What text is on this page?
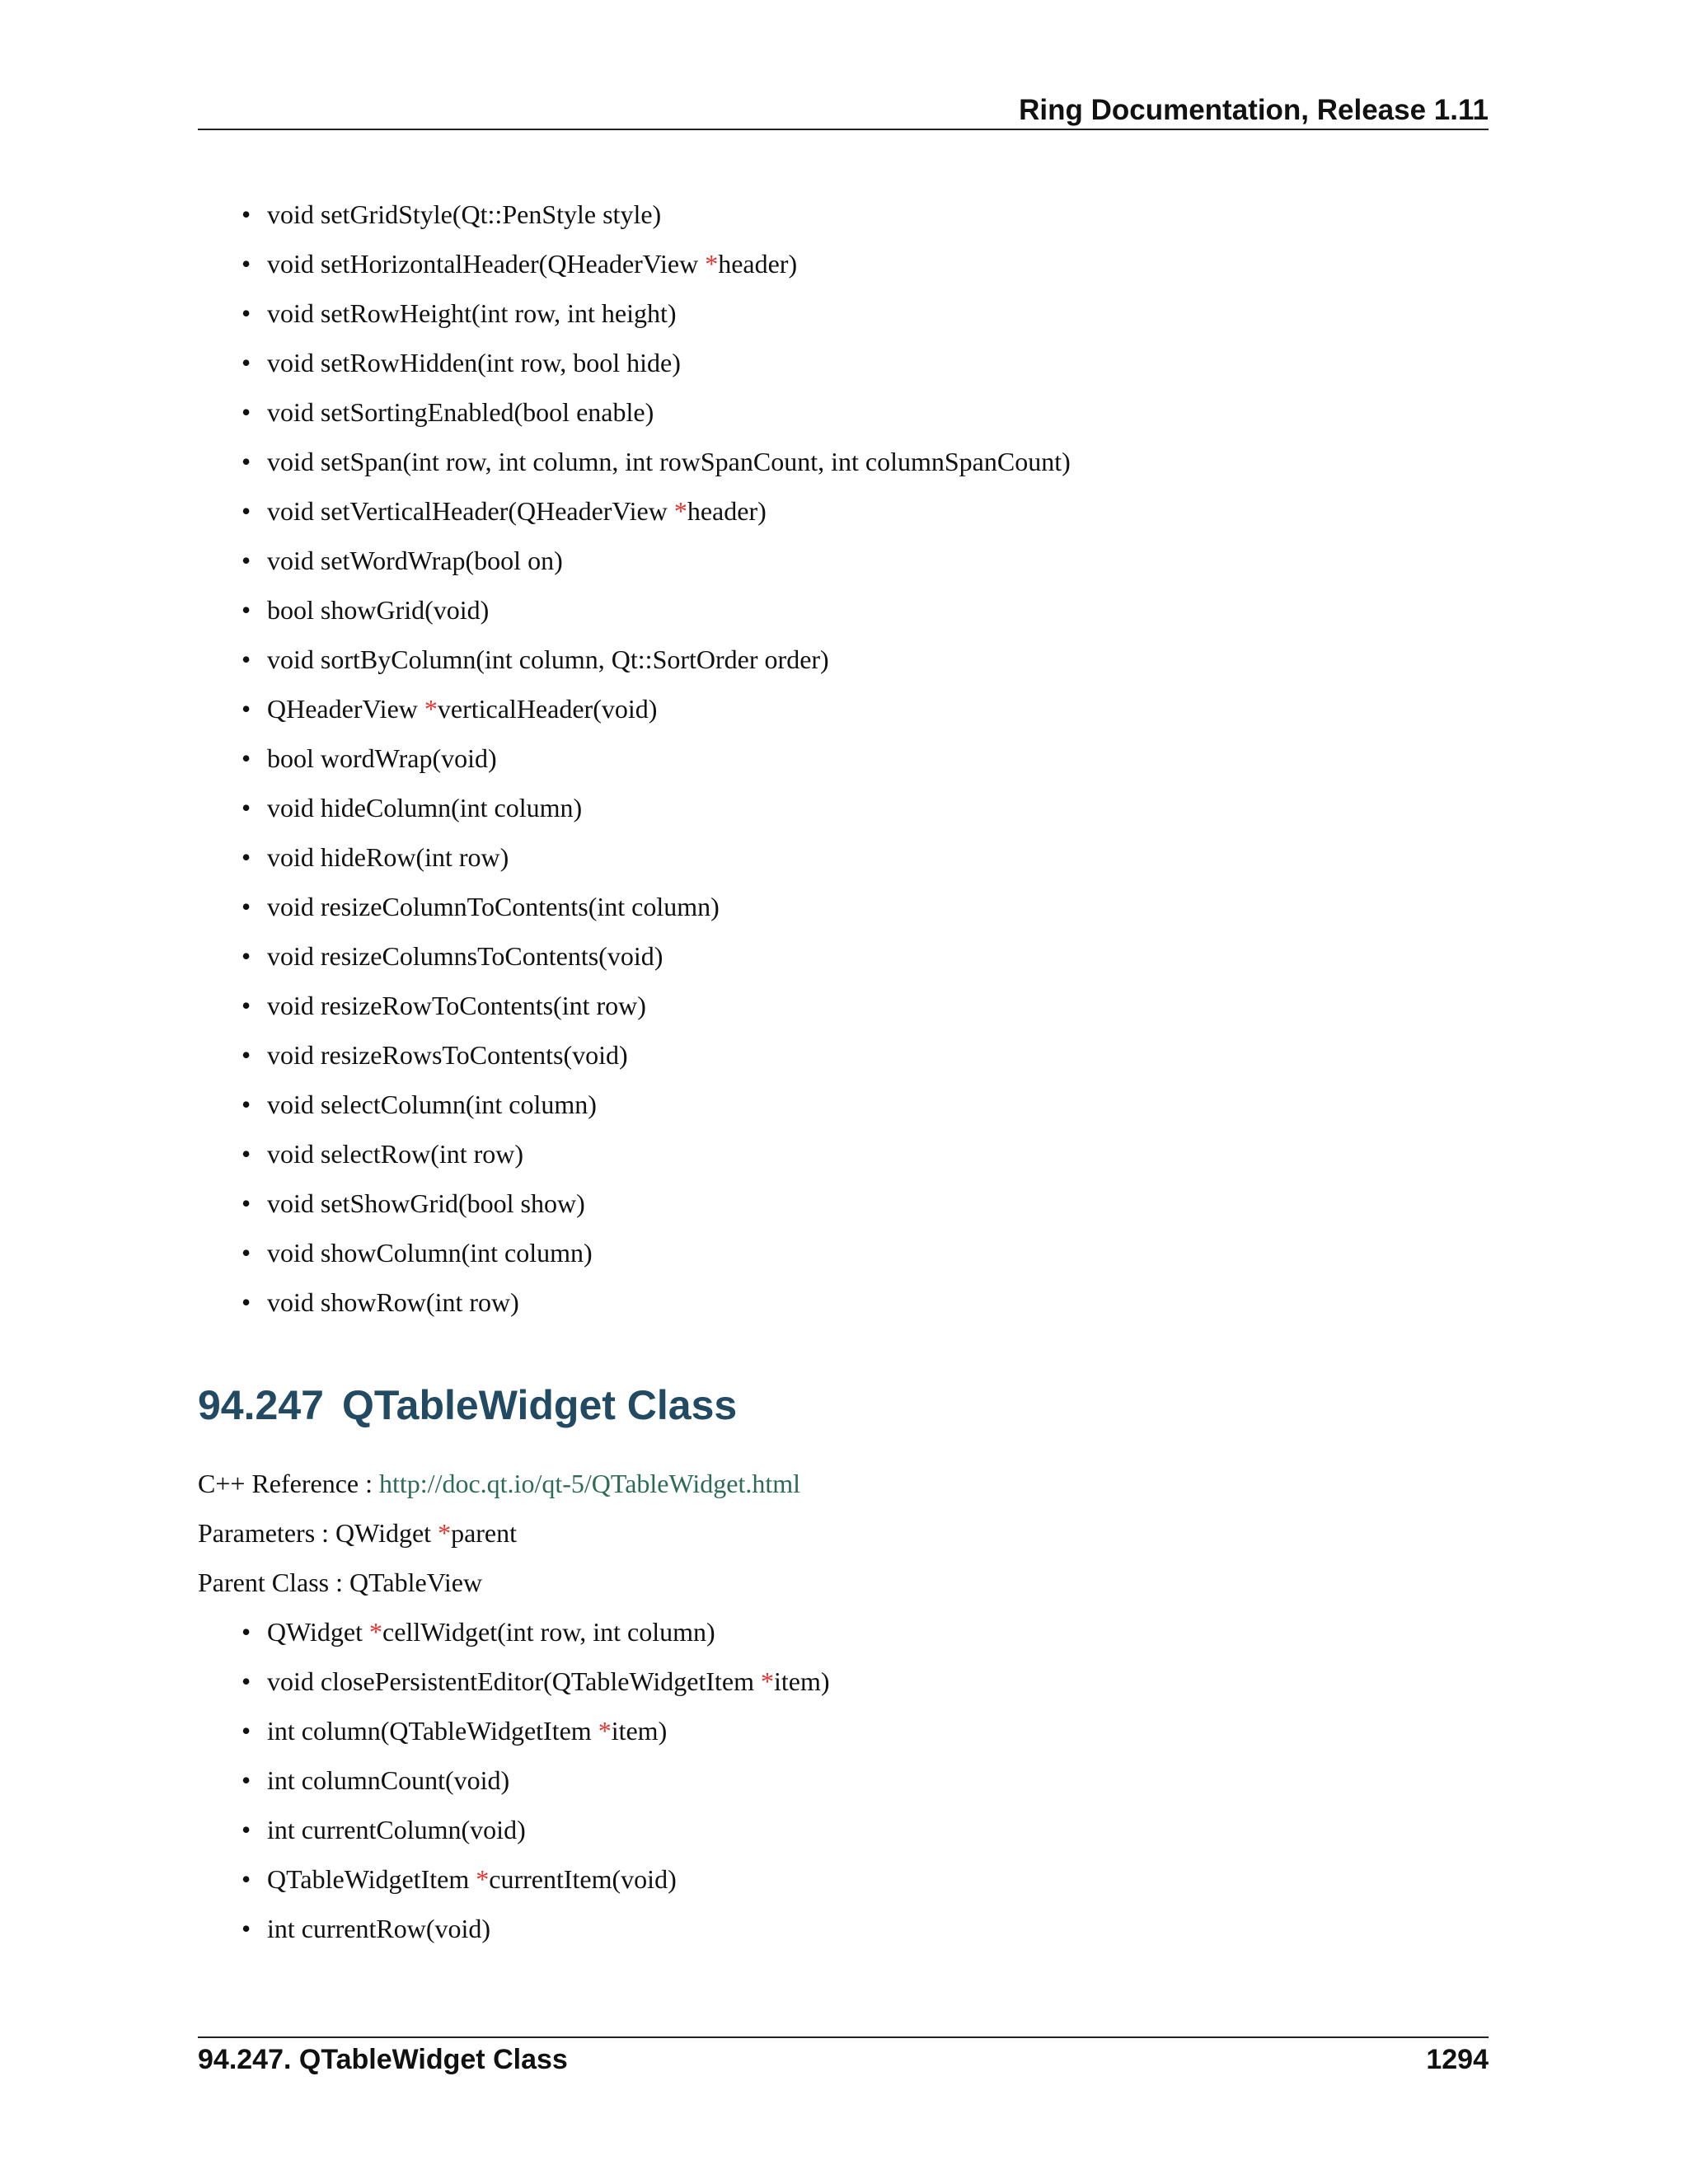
Ring Documentation, Release 1.11
• void setGridStyle(Qt::PenStyle style)
• void setHorizontalHeader(QHeaderView *header)
• void setRowHeight(int row, int height)
• void setRowHidden(int row, bool hide)
• void setSortingEnabled(bool enable)
• void setSpan(int row, int column, int rowSpanCount, int columnSpanCount)
• void setVerticalHeader(QHeaderView *header)
• void setWordWrap(bool on)
• bool showGrid(void)
• void sortByColumn(int column, Qt::SortOrder order)
• QHeaderView *verticalHeader(void)
• bool wordWrap(void)
• void hideColumn(int column)
• void hideRow(int row)
• void resizeColumnToContents(int column)
• void resizeColumnsToContents(void)
• void resizeRowToContents(int row)
• void resizeRowsToContents(void)
• void selectColumn(int column)
• void selectRow(int row)
• void setShowGrid(bool show)
• void showColumn(int column)
• void showRow(int row)
94.247 QTableWidget Class
C++ Reference : http://doc.qt.io/qt-5/QTableWidget.html
Parameters : QWidget *parent
Parent Class : QTableView
• QWidget *cellWidget(int row, int column)
• void closePersistentEditor(QTableWidgetItem *item)
• int column(QTableWidgetItem *item)
• int columnCount(void)
• int currentColumn(void)
• QTableWidgetItem *currentItem(void)
• int currentRow(void)
94.247. QTableWidget Class	1294
